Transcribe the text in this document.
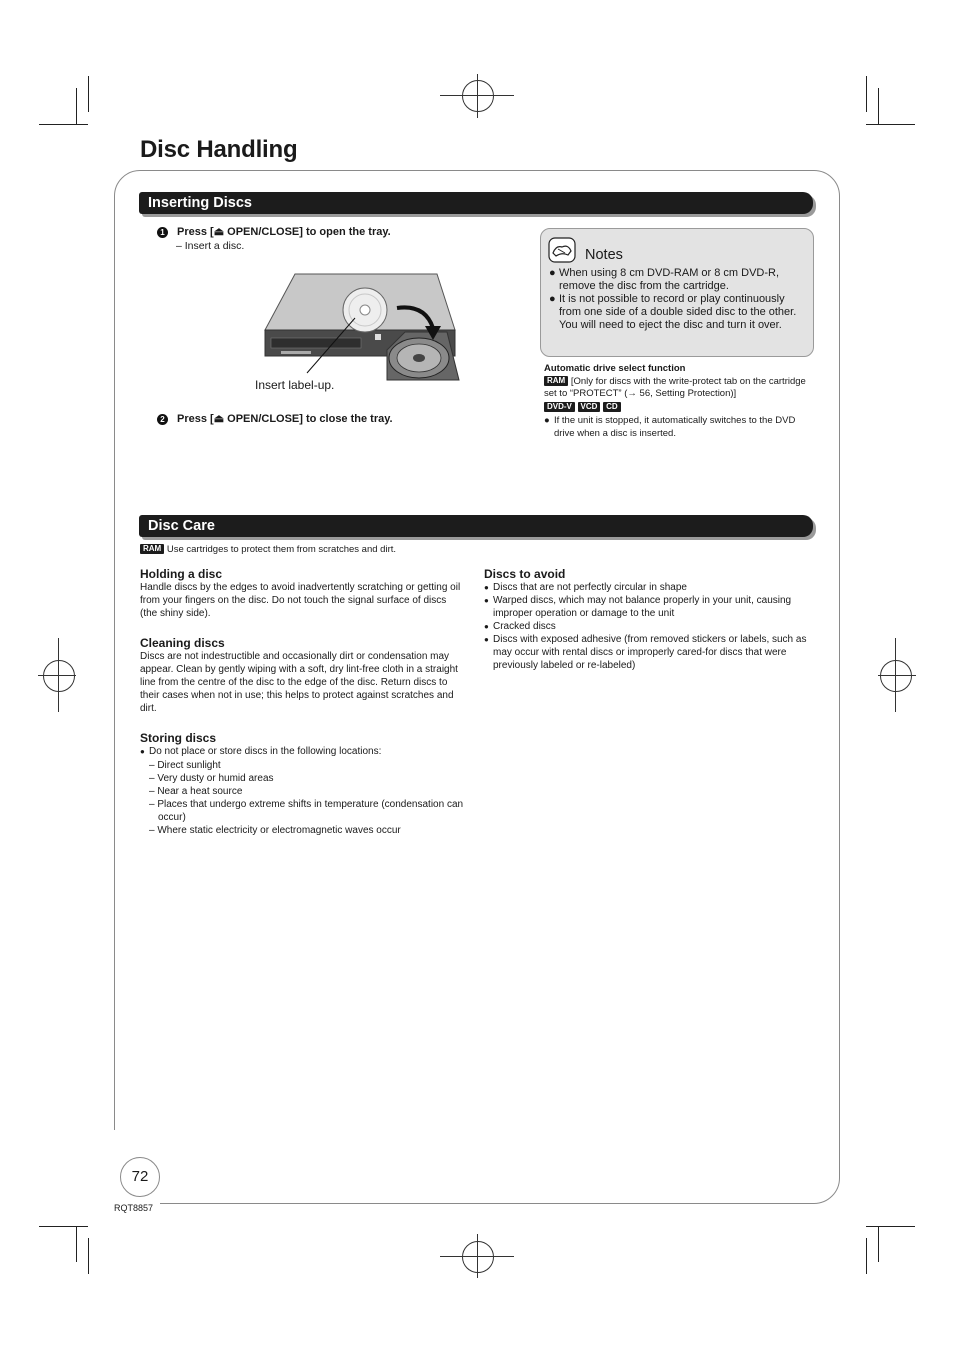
Disc Handling
72
RQT8857
Inserting Discs
1 Press [⏏ OPEN/CLOSE] to open the tray.
– Insert a disc.
Insert label-up.
2 Press [⏏ OPEN/CLOSE] to close the tray.
Notes

● When using 8 cm DVD-RAM or 8 cm DVD-R, remove the disc from the cartridge.

● It is not possible to record or play continuously from one side of a double sided disc to the other. You will need to eject the disc and turn it over.

Automatic drive select function
RAM [Only for discs with the write-protect tab on the cartridge set to “PROTECT” (→ 56, Setting Protection)]
DVD-V VCD CD

● If the unit is stopped, it automatically switches to the DVD drive when a disc is inserted.

Disc Care
RAM Use cartridges to protect them from scratches and dirt.
Holding a disc
Handle discs by the edges to avoid inadvertently scratching or getting oil from your fingers on the disc. Do not touch the signal surface of discs (the shiny side).
Cleaning discs
Discs are not indestructible and occasionally dirt or condensation may appear. Clean by gently wiping with a soft, dry lint-free cloth in a straight line from the centre of the disc to the edge of the disc. Return discs to their cases when not in use; this helps to protect against scratches and dirt.
Storing discs

● Do not place or store discs in the following locations:

– Direct sunlight
– Very dusty or humid areas
– Near a heat source
– Places that undergo extreme shifts in temperature (condensation can occur)
– Where static electricity or electromagnetic waves occur
Discs to avoid

● Discs that are not perfectly circular in shape

● Warped discs, which may not balance properly in your unit, causing improper operation or damage to the unit

● Cracked discs

● Discs with exposed adhesive (from removed stickers or labels, such as may occur with rental discs or improperly cared-for discs that were previously labeled or re-labeled)
